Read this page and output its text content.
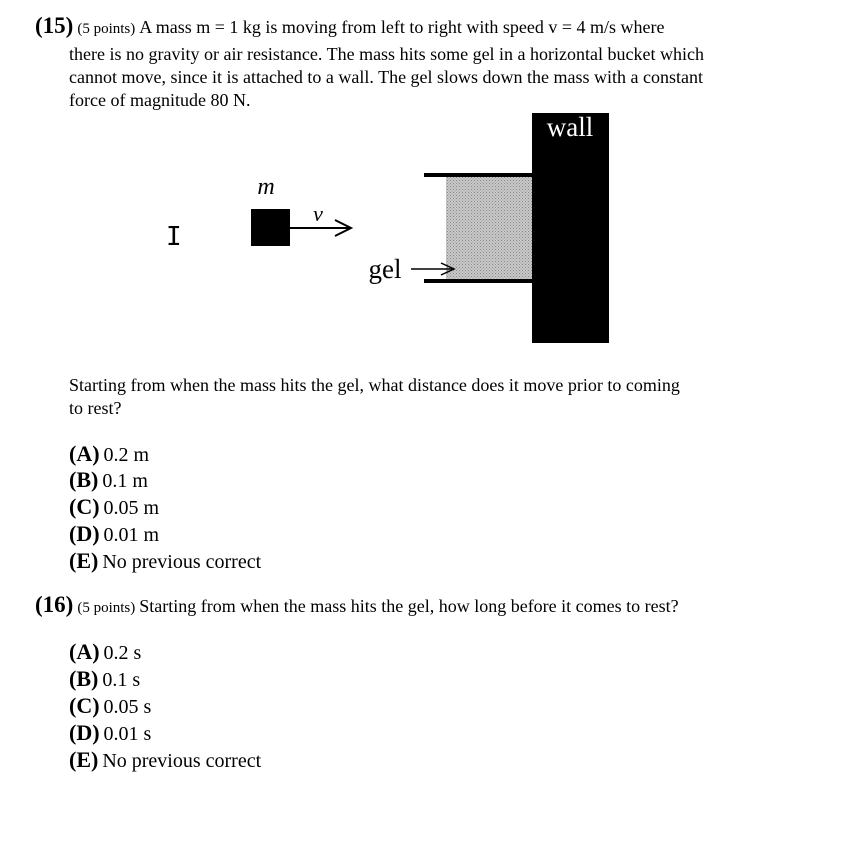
(15) (5 points) A mass m = 1 kg is moving from left to right with speed v = 4 m/s where
there is no gravity or air resistance. The mass hits some gel in a horizontal bucket which
cannot move, since it is attached to a wall. The gel slows down the mass with a constant
force of magnitude 80 N.
wall
m
v
gel
I
Starting from when the mass hits the gel, what distance does it move prior to coming
to rest?
(A) 0.2 m
(B) 0.1 m
(C) 0.05 m
(D) 0.01 m
(E) No previous correct
(16) (5 points) Starting from when the mass hits the gel, how long before it comes to rest?
(A) 0.2 s
(B) 0.1 s
(C) 0.05 s
(D) 0.01 s
(E) No previous correct
